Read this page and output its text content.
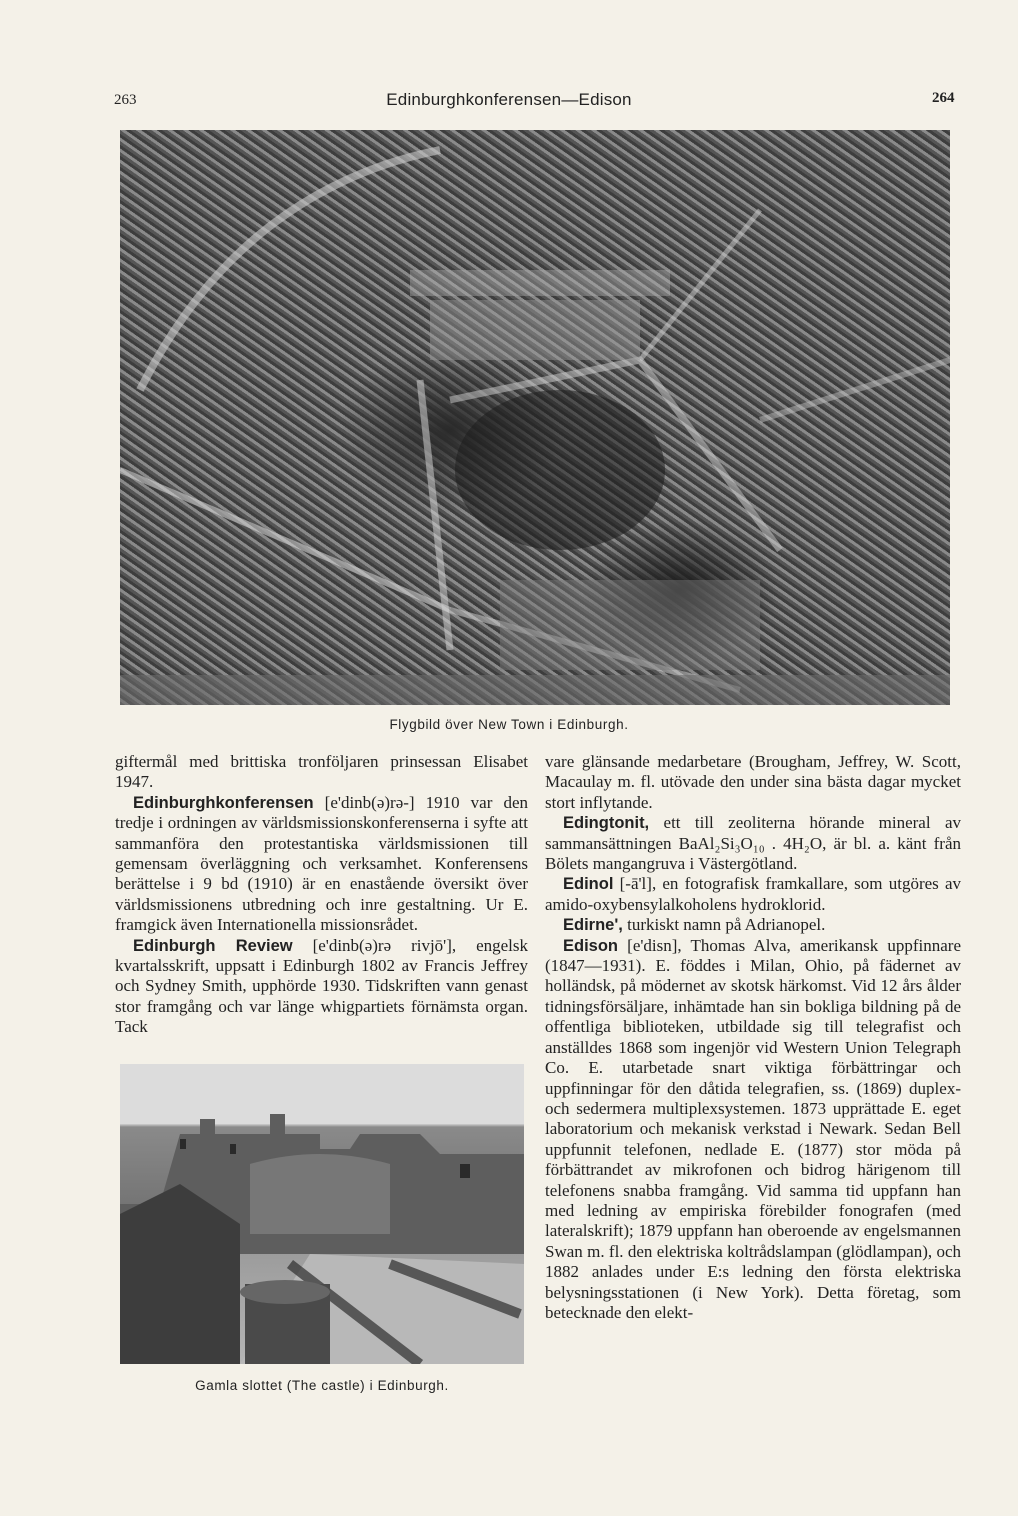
263	Edinburghkonferensen—Edison	264
Flygbild över New Town i Edinburgh.

giftermål med brittiska tronföljaren prinsessan Elisabet 1947.

Edinburghkonferensen [e'dinb(ə)rə-] 1910 var den tredje i ordningen av världsmissionskonferenserna i syfte att sammanföra den protestantiska världsmissionen till gemensam överläggning och verksamhet. Konferensens berättelse i 9 bd (1910) är en enastående översikt över världsmissionens utbredning och inre gestaltning. Ur E. framgick även Internationella missionsrådet.

Edinburgh Review [e'dinb(ə)rə rivjō'], engelsk kvartalsskrift, uppsatt i Edinburgh 1802 av Francis Jeffrey och Sydney Smith, upphörde 1930. Tidskriften vann genast stor framgång och var länge whigpartiets förnämsta organ. Tack

Gamla slottet (The castle) i Edinburgh.

vare glänsande medarbetare (Brougham, Jeffrey, W. Scott, Macaulay m. fl. utövade den under sina bästa dagar mycket stort inflytande.

Edingtonit, ett till zeoliterna hörande mineral av sammansättningen BaAl₂Si₃O₁₀ . 4H₂O, är bl. a. känt från Bölets mangangruva i Västergötland.

Edinol [-ā'l], en fotografisk framkallare, som utgöres av amido-oxybensylalkoholens hydroklorid.

Edirne', turkiskt namn på Adrianopel.

Edison [e'disn], Thomas Alva, amerikansk uppfinnare (1847—1931). E. föddes i Milan, Ohio, på fädernet av holländsk, på mödernet av skotsk härkomst. Vid 12 års ålder tidningsförsäljare, inhämtade han sin bokliga bildning på de offentliga biblioteken, utbildade sig till telegrafist och anställdes 1868 som ingenjör vid Western Union Telegraph Co. E. utarbetade snart viktiga förbättringar och uppfinningar för den dåtida telegrafien, ss. (1869) duplex- och sedermera multiplexsystemen. 1873 upprättade E. eget laboratorium och mekanisk verkstad i Newark. Sedan Bell uppfunnit telefonen, nedlade E. (1877) stor möda på förbättrandet av mikrofonen och bidrog härigenom till telefonens snabba framgång. Vid samma tid uppfann han med ledning av empiriska förebilder fonografen (med lateralskrift); 1879 uppfann han oberoende av engelsmannen Swan m. fl. den elektriska koltrådslampan (glödlampan), och 1882 anlades under E:s ledning den första elektriska belysningsstationen (i New York). Detta företag, som betecknade den elekt-
